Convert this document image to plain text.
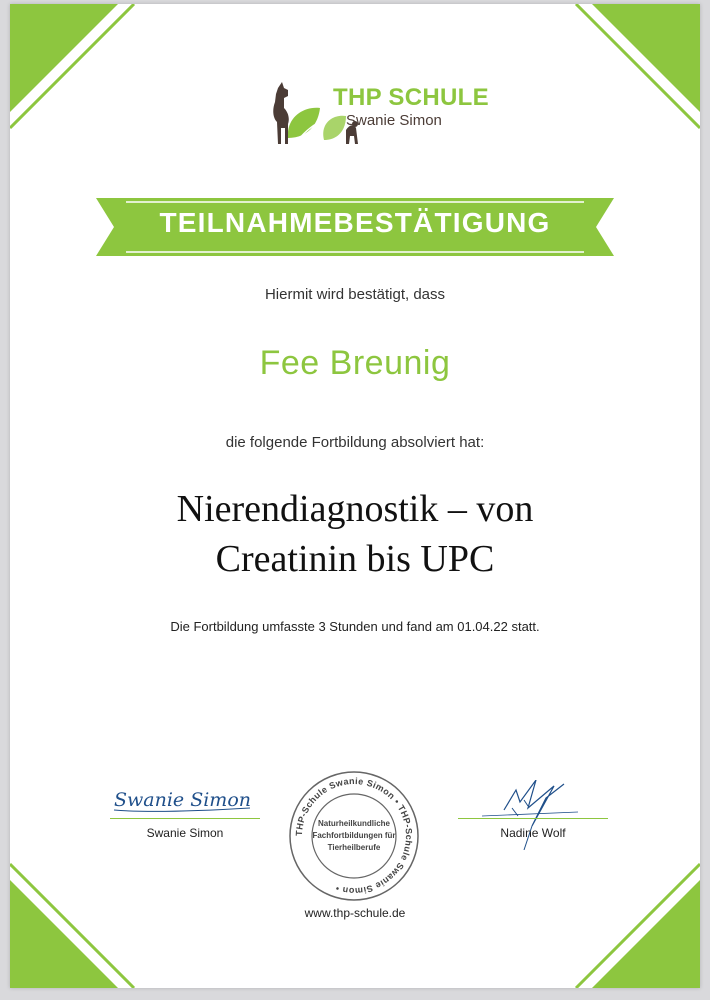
THP SCHULE

Swanie Simon

TEILNAHMEBESTÄTIGUNG

Hiermit wird bestätigt, dass
Fee Breunig
die folgende Fortbildung absolviert hat:
Nierendiagnostik – von
Creatinin bis UPC
Die Fortbildung umfasste 3 Stunden und fand am 01.04.22 statt.
Swanie Simon
Swanie Simon	THP-Schule Swanie Simon • THP-Schule Swanie Simon •
Naturheilkundliche
Fachfortbildungen für
Tierheilberufe
Nadine Wolf
www.thp-schule.de
